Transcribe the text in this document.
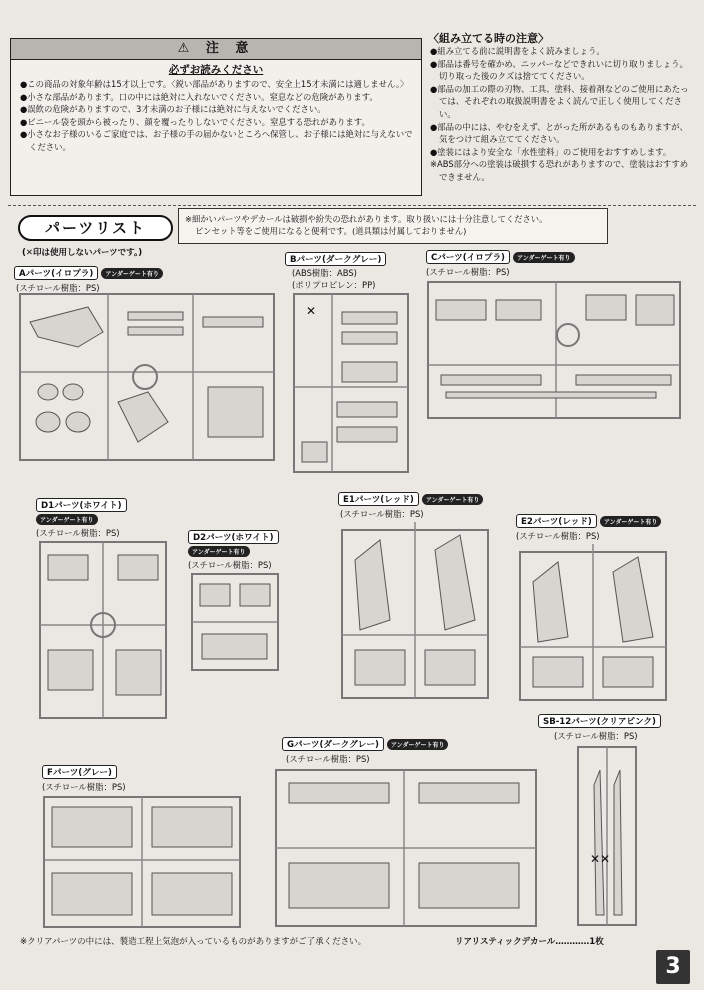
⚠ 注 意
必ずお読みください
●この商品の対象年齢は15才以上です。〈鋭い部品がありますので、安全上15才未満には適しません。〉
●小さな部品があります。口の中には絶対に入れないでください。窒息などの危険があります。
●誤飲の危険がありますので、3才未満のお子様には絶対に与えないでください。
●ビニール袋を頭から被ったり、顔を覆ったりしないでください。窒息する恐れがあります。
●小さなお子様のいるご家庭では、お子様の手の届かないところへ保管し、お子様には絶対に与えないでください。
〈組み立てる時の注意〉
●組み立てる前に説明書をよく読みましょう。
●部品は番号を確かめ、ニッパーなどできれいに切り取りましょう。切り取った後のクズは捨ててください。
●部品の加工の際の刃物、工具、塗料、接着剤などのご使用にあたっては、それぞれの取扱説明書をよく読んで正しく使用してください。
●部品の中には、やむをえず、とがった所があるものもありますが、気をつけて組み立ててください。
●塗装にはより安全な「水性塗料」のご使用をおすすめします。
※ABS部分への塗装は破損する恐れがありますので、塗装はおすすめできません。
パーツリスト	※細かいパーツやデカールは破損や紛失の恐れがあります。取り扱いには十分注意してください。
ピンセット等をご使用になると便利です。(道具類は付属しておりません)
(✕印は使用しないパーツです。)
Aパーツ(イロプラ) アンダーゲート有り
(スチロール樹脂：PS)
Bパーツ(ダークグレー)
(ABS樹脂：ABS)
(ポリプロピレン：PP)
Cパーツ(イロプラ) アンダーゲート有り
(スチロール樹脂：PS)
D1パーツ(ホワイト)
アンダーゲート有り
(スチロール樹脂：PS)	D2パーツ(ホワイト)
アンダーゲート有り
(スチロール樹脂：PS)
E1パーツ(レッド) アンダーゲート有り
(スチロール樹脂：PS)
E2パーツ(レッド) アンダーゲート有り
(スチロール樹脂：PS)
Fパーツ(グレー)
(スチロール樹脂：PS)
Gパーツ(ダークグレー) アンダーゲート有り
(スチロール樹脂：PS)
SB-12パーツ(クリアピンク)
(スチロール樹脂：PS)
✕
✕✕
※クリアパーツの中には、製造工程上気泡が入っているものがありますがご了承ください。	リアリスティックデカール…………1枚
3
